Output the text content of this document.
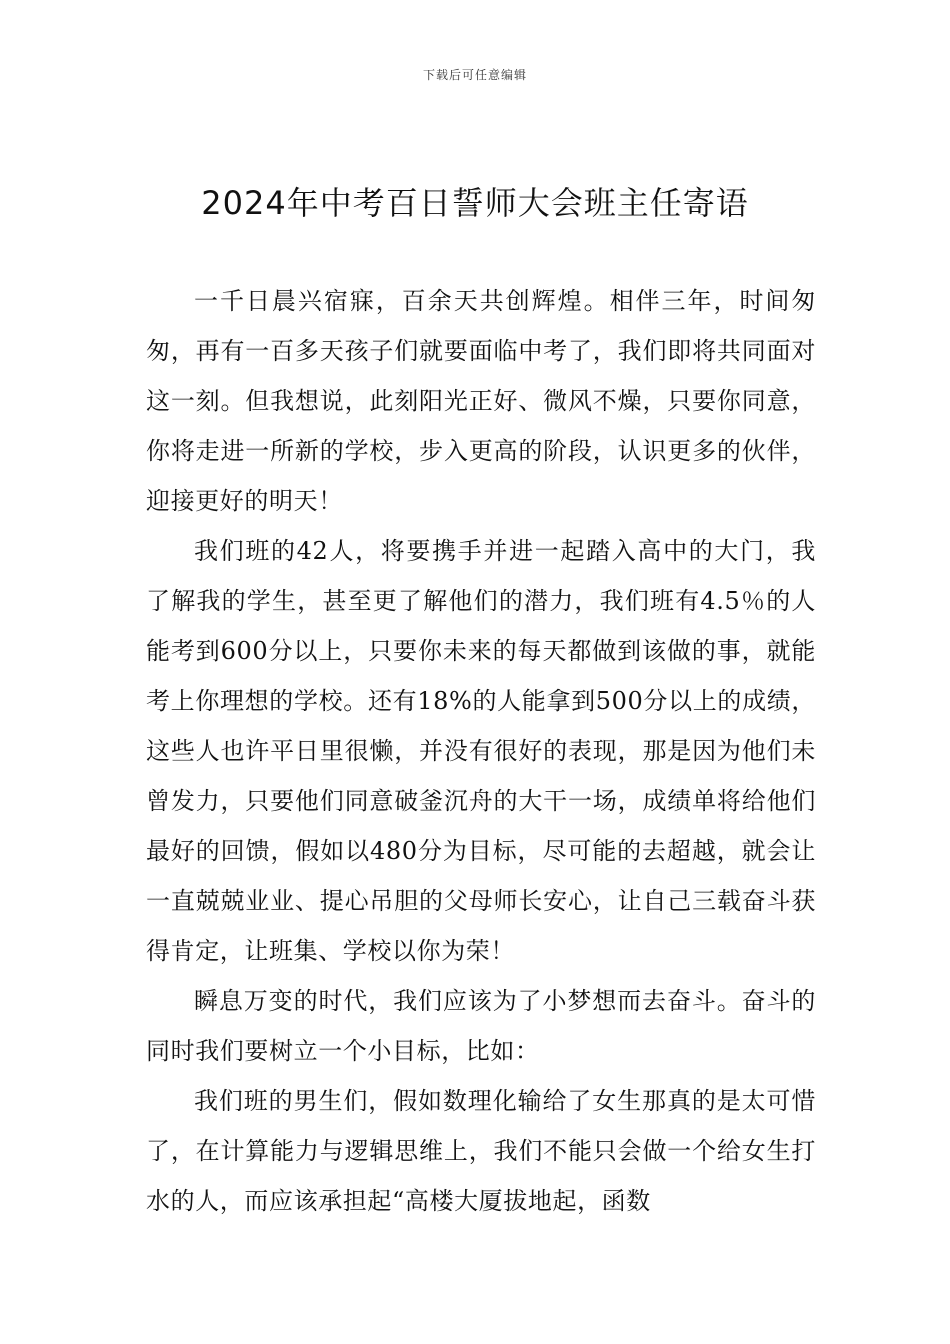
下载后可任意编辑
2024年中考百日誓师大会班主任寄语

一千日晨兴宿寐，百余天共创辉煌。相伴三年，时间匆匆，再有一百多天孩子们就要面临中考了，我们即将共同面对这一刻。但我想说，此刻阳光正好、微风不燥，只要你同意，你将走进一所新的学校，步入更高的阶段，认识更多的伙伴，迎接更好的明天！

我们班的42人，将要携手并进一起踏入高中的大门，我了解我的学生，甚至更了解他们的潜力，我们班有4.5％的人能考到600分以上，只要你未来的每天都做到该做的事，就能考上你理想的学校。还有18%的人能拿到500分以上的成绩，这些人也许平日里很懒，并没有很好的表现，那是因为他们未曾发力，只要他们同意破釜沉舟的大干一场，成绩单将给他们最好的回馈，假如以480分为目标，尽可能的去超越，就会让一直兢兢业业、提心吊胆的父母师长安心，让自己三载奋斗获得肯定，让班集、学校以你为荣！

瞬息万变的时代，我们应该为了小梦想而去奋斗。奋斗的同时我们要树立一个小目标，比如：

我们班的男生们，假如数理化输给了女生那真的是太可惜了，在计算能力与逻辑思维上，我们不能只会做一个给女生打水的人，而应该承担起“高楼大厦拔地起，函数
